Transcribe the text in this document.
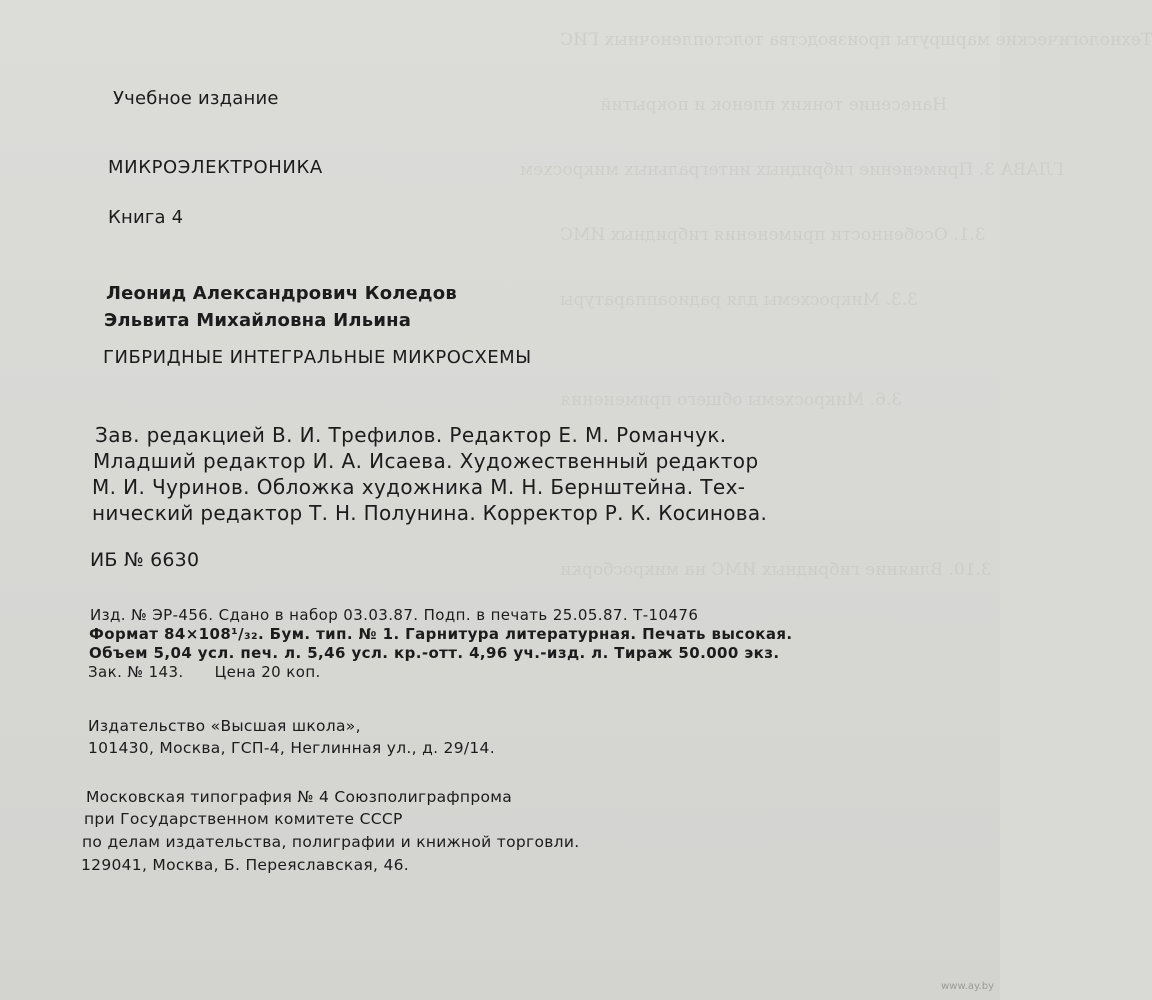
Технологические маршруты производства толстопленочных ГИС
Нанесение тонких пленок и покрытий
ГЛАВА 3. Применение гибридных интегральных микросхем
3.1. Особенности применения гибридных ИМС
3.3. Микросхемы для радиоаппаратуры
3.6. Микросхемы общего применения
3.10. Влияние гибридных ИМС на микросборки
Учебное издание
МИКРОЭЛЕКТРОНИКА
Книга 4
Леонид Александрович Коледов
Эльвита Михайловна Ильина
ГИБРИДНЫЕ ИНТЕГРАЛЬНЫЕ МИКРОСХЕМЫ
Зав. редакцией В. И. Трефилов. Редактор Е. М. Романчук.
Младший редактор И. А. Исаева. Художественный редактор
М. И. Чуринов. Обложка художника М. Н. Бернштейна. Тех-
нический редактор Т. Н. Полунина. Корректор Р. К. Косинова.
ИБ № 6630
Изд. № ЭР-456. Сдано в набор 03.03.87. Подп. в печать 25.05.87. Т-10476
Формат 84×108¹/₃₂. Бум. тип. № 1. Гарнитура литературная. Печать высокая.
Объем 5,04 усл. печ. л. 5,46 усл. кр.-отт. 4,96 уч.-изд. л. Тираж 50.000 экз.
Зак. № 143.      Цена 20 коп.
Издательство «Высшая школа»,
101430, Москва, ГСП-4, Неглинная ул., д. 29/14.
Московская типография № 4 Союзполиграфпрома
при Государственном комитете СССР
по делам издательства, полиграфии и книжной торговли.
129041, Москва, Б. Переяславская, 46.
www.ay.by
